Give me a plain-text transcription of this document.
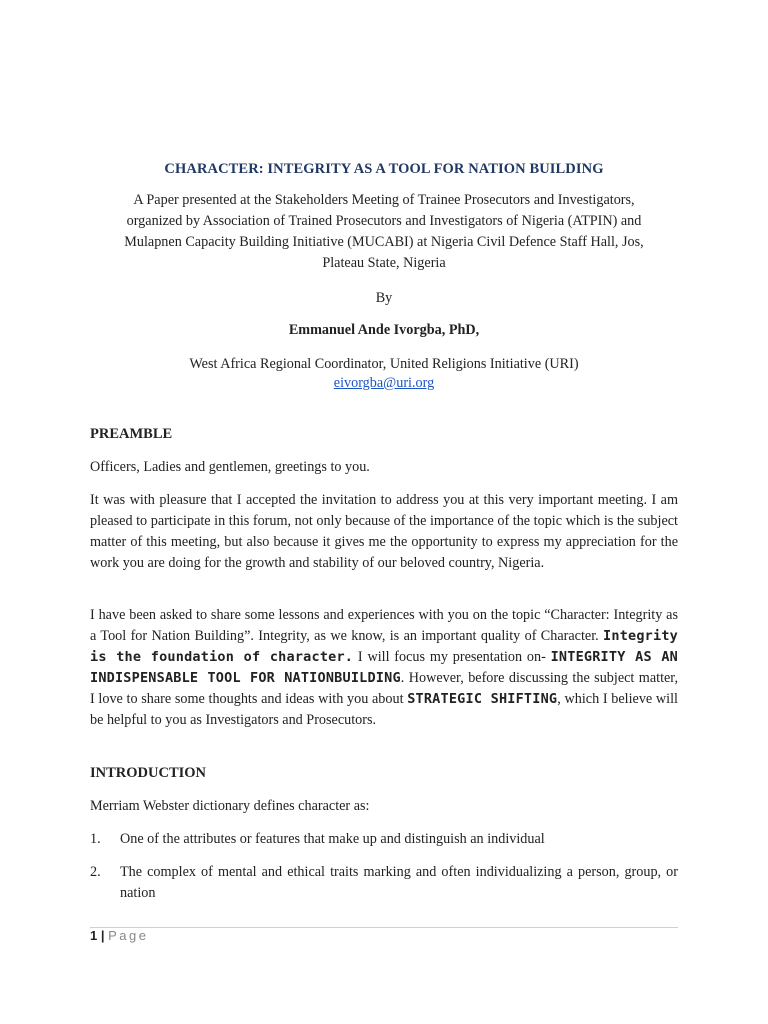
CHARACTER: INTEGRITY AS A TOOL FOR NATION BUILDING
A Paper presented at the Stakeholders Meeting of Trainee Prosecutors and Investigators,
organized by Association of Trained Prosecutors and Investigators of Nigeria (ATPIN) and
Mulapnen Capacity Building Initiative (MUCABI) at Nigeria Civil Defence Staff Hall, Jos,
Plateau State, Nigeria
By
Emmanuel Ande Ivorgba, PhD,
West Africa Regional Coordinator, United Religions Initiative (URI)
eivorgba@uri.org
PREAMBLE
Officers, Ladies and gentlemen, greetings to you.
It was with pleasure that I accepted the invitation to address you at this very important meeting. I am pleased to participate in this forum, not only because of the importance of the topic which is the subject matter of this meeting, but also because it gives me the opportunity to express my appreciation for the work you are doing for the growth and stability of our beloved country, Nigeria.
I have been asked to share some lessons and experiences with you on the topic “Character: Integrity as a Tool for Nation Building”. Integrity, as we know, is an important quality of Character. Integrity is the foundation of character. I will focus my presentation on- INTEGRITY AS AN INDISPENSABLE TOOL FOR NATIONBUILDING. However, before discussing the subject matter, I love to share some thoughts and ideas with you about STRATEGIC SHIFTING, which I believe will be helpful to you as Investigators and Prosecutors.
INTRODUCTION
Merriam Webster dictionary defines character as:
1.	One of the attributes or features that make up and distinguish an individual
2.	The complex of mental and ethical traits marking and often individualizing a person, group, or nation
1 | Page
